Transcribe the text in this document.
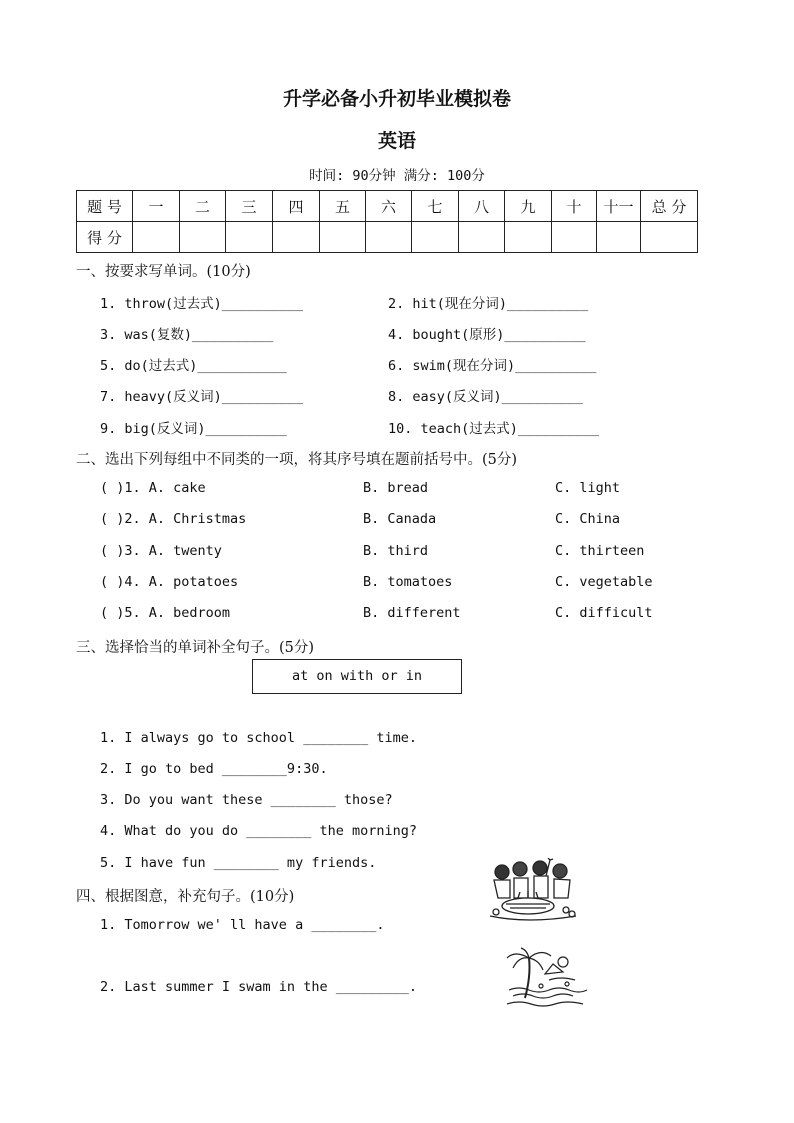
升学必备小升初毕业模拟卷
英语
时间: 90分钟 满分: 100分
题 号	一	二	三	四	五	六	七	八	九	十	十一	总 分
得 分												
一、按要求写单词。(10分)
1. throw(过去式)__________	2. hit(现在分词)__________
3. was(复数)__________	4. bought(原形)__________
5. do(过去式)___________	6. swim(现在分词)__________
7. heavy(反义词)__________	8. easy(反义词)__________
9. big(反义词)__________	10. teach(过去式)__________
二、选出下列每组中不同类的一项，将其序号填在题前括号中。(5分)
( )1. A. cake	B. bread	C. light
( )2. A. Christmas	B. Canada	C. China
( )3. A. twenty	B. third	C. thirteen
( )4. A. potatoes	B. tomatoes	C. vegetable
( )5. A. bedroom	B. different	C. difficult
三、选择恰当的单词补全句子。(5分)
at on with or in
1. I always go to school ________ time.
2. I go to bed ________9:30.
3. Do you want these ________ those?
4. What do you do ________ the morning?
5. I have fun ________ my friends.
四、根据图意，补充句子。(10分)
1. Tomorrow we' ll have a ________.
2. Last summer I swam in the _________.
